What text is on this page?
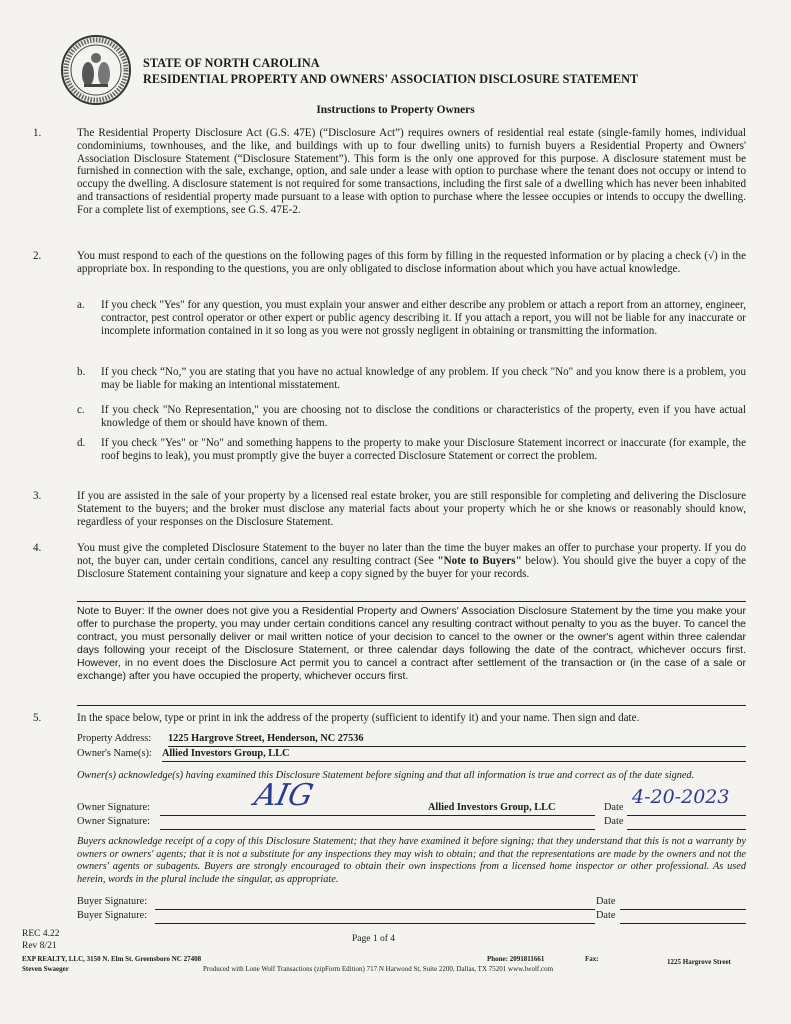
STATE OF NORTH CAROLINA
RESIDENTIAL PROPERTY AND OWNERS' ASSOCIATION DISCLOSURE STATEMENT
Instructions to Property Owners
1.	The Residential Property Disclosure Act (G.S. 47E) (“Disclosure Act”) requires owners of residential real estate (single-family homes, individual condominiums, townhouses, and the like, and buildings with up to four dwelling units) to furnish buyers a Residential Property and Owners' Association Disclosure Statement (“Disclosure Statement”). This form is the only one approved for this purpose. A disclosure statement must be furnished in connection with the sale, exchange, option, and sale under a lease with option to purchase where the tenant does not occupy or intend to occupy the dwelling. A disclosure statement is not required for some transactions, including the first sale of a dwelling which has never been inhabited and transactions of residential property made pursuant to a lease with option to purchase where the lessee occupies or intends to occupy the dwelling. For a complete list of exemptions, see G.S. 47E-2.
2.	You must respond to each of the questions on the following pages of this form by filling in the requested information or by placing a check (√) in the appropriate box. In responding to the questions, you are only obligated to disclose information about which you have actual knowledge.
a. If you check "Yes" for any question, you must explain your answer and either describe any problem or attach a report from an attorney, engineer, contractor, pest control operator or other expert or public agency describing it. If you attach a report, you will not be liable for any inaccurate or incomplete information contained in it so long as you were not grossly negligent in obtaining or transmitting the information.
b. If you check “No,” you are stating that you have no actual knowledge of any problem. If you check "No" and you know there is a problem, you may be liable for making an intentional misstatement.
c. If you check "No Representation," you are choosing not to disclose the conditions or characteristics of the property, even if you have actual knowledge of them or should have known of them.
d. If you check "Yes" or "No" and something happens to the property to make your Disclosure Statement incorrect or inaccurate (for example, the roof begins to leak), you must promptly give the buyer a corrected Disclosure Statement or correct the problem.
3.	If you are assisted in the sale of your property by a licensed real estate broker, you are still responsible for completing and delivering the Disclosure Statement to the buyers; and the broker must disclose any material facts about your property which he or she knows or reasonably should know, regardless of your responses on the Disclosure Statement.
4.	You must give the completed Disclosure Statement to the buyer no later than the time the buyer makes an offer to purchase your property. If you do not, the buyer can, under certain conditions, cancel any resulting contract (See "Note to Buyers" below). You should give the buyer a copy of the Disclosure Statement containing your signature and keep a copy signed by the buyer for your records.
Note to Buyer: If the owner does not give you a Residential Property and Owners' Association Disclosure Statement by the time you make your offer to purchase the property, you may under certain conditions cancel any resulting contract without penalty to you as the buyer. To cancel the contract, you must personally deliver or mail written notice of your decision to cancel to the owner or the owner's agent within three calendar days following your receipt of the Disclosure Statement, or three calendar days following the date of the contract, whichever occurs first. However, in no event does the Disclosure Act permit you to cancel a contract after settlement of the transaction or (in the case of a sale or exchange) after you have occupied the property, whichever occurs first.
5.	In the space below, type or print in ink the address of the property (sufficient to identify it) and your name. Then sign and date.
Property Address: 1225 Hargrove Street, Henderson, NC 27536
Owner's Name(s): Allied Investors Group, LLC
Owner(s) acknowledge(s) having examined this Disclosure Statement before signing and that all information is true and correct as of the date signed.
Owner Signature:	AIG	Allied Investors Group, LLC	Date 4-20-2023
Owner Signature:	Date
Buyers acknowledge receipt of a copy of this Disclosure Statement; that they have examined it before signing; that they understand that this is not a warranty by owners or owners' agents; that it is not a substitute for any inspections they may wish to obtain; and that the representations are made by the owners and not the owners' agents or subagents. Buyers are strongly encouraged to obtain their own inspections from a licensed home inspector or other professional. As used herein, words in the plural include the singular, as appropriate.
Buyer Signature:	Date
Buyer Signature:	Date
REC 4.22
Rev 8/21
Page 1 of 4
EXP REALTY, LLC, 3150 N. Elm St. Greensboro NC 27408	Phone: 2091811661	Fax:	1225 Hargrove Street
Steven Swaeger	Produced with Lone Wolf Transactions (zipForm Edition) 717 N Harwood St, Suite 2200, Dallas, TX 75201 www.lwolf.com
